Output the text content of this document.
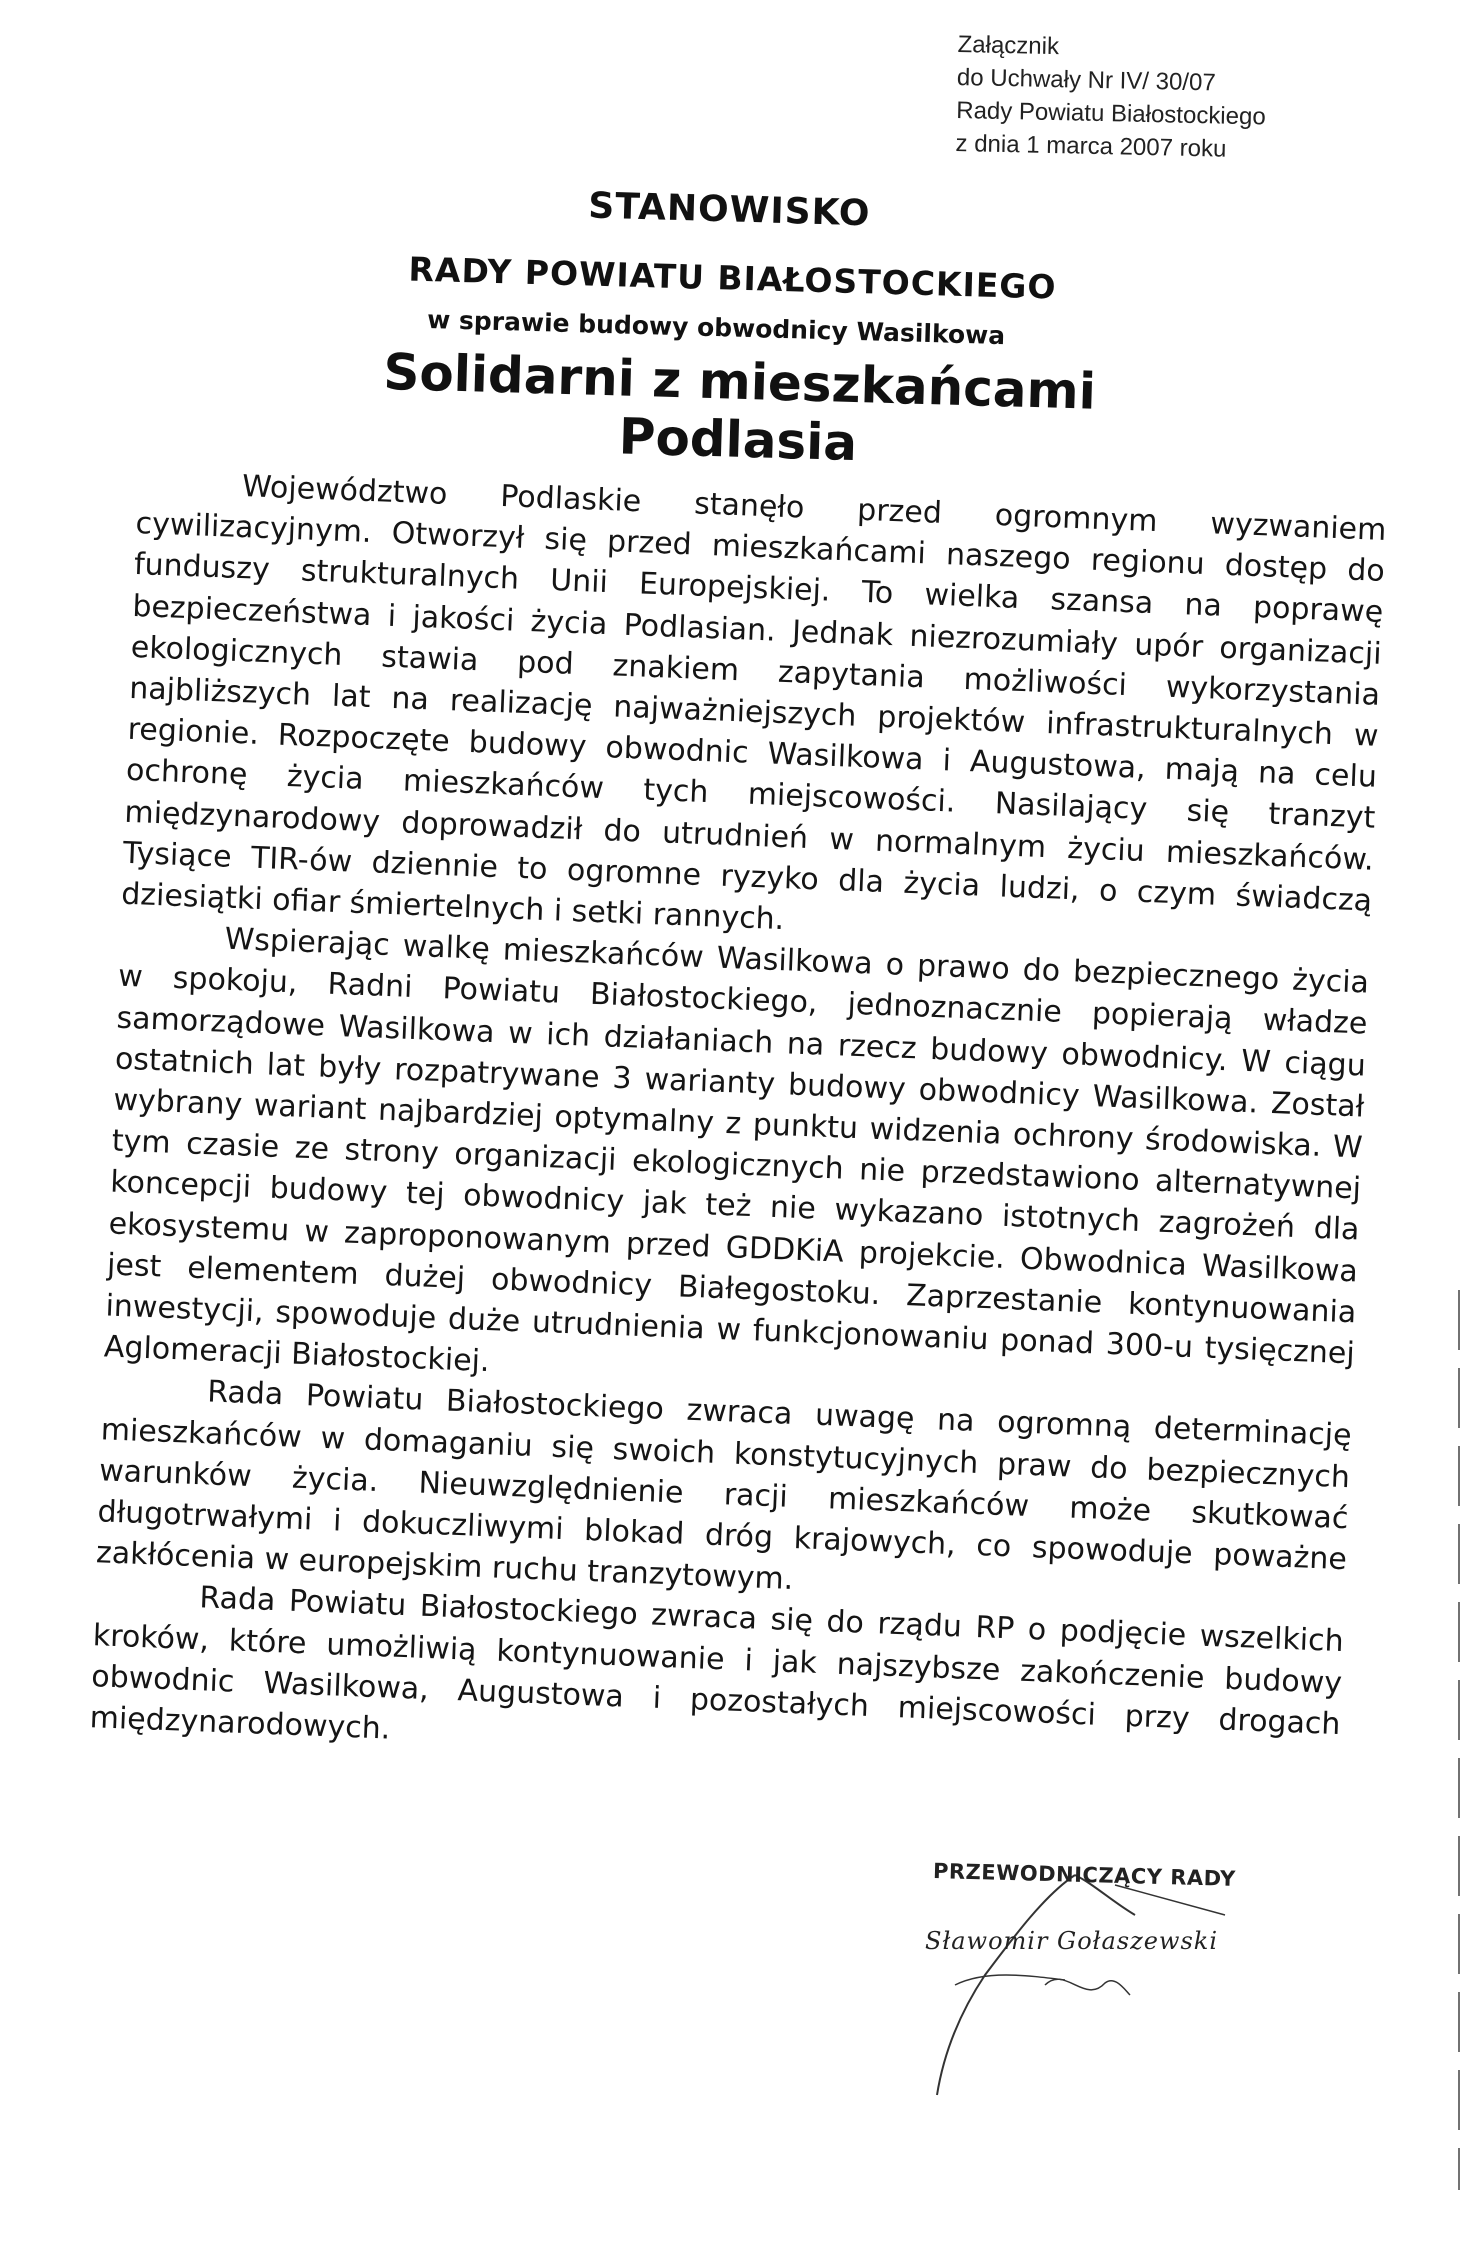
Załącznik
do Uchwały Nr IV/ 30/07
Rady Powiatu Białostockiego
z dnia 1 marca 2007 roku
STANOWISKO
RADY POWIATU BIAŁOSTOCKIEGO
w sprawie budowy obwodnicy Wasilkowa
Solidarni z mieszkańcami Podlasia

Województwo Podlaskie stanęło przed ogromnym wyzwaniem cywilizacyjnym. Otworzył się przed mieszkańcami naszego regionu dostęp do funduszy strukturalnych Unii Europejskiej. To wielka szansa na poprawę bezpieczeństwa i jakości życia Podlasian. Jednak niezrozumiały upór organizacji ekologicznych stawia pod znakiem zapytania możliwości wykorzystania najbliższych lat na realizację najważniejszych projektów infrastrukturalnych w regionie. Rozpoczęte budowy obwodnic Wasilkowa i Augustowa, mają na celu ochronę życia mieszkańców tych miejscowości. Nasilający się tranzyt międzynarodowy doprowadził do utrudnień w normalnym życiu mieszkańców. Tysiące TIR-ów dziennie to ogromne ryzyko dla życia ludzi, o czym świadczą dziesiątki ofiar śmiertelnych i setki rannych.

Wspierając walkę mieszkańców Wasilkowa o prawo do bezpiecznego życia w spokoju, Radni Powiatu Białostockiego, jednoznacznie popierają władze samorządowe Wasilkowa w ich działaniach na rzecz budowy obwodnicy. W ciągu ostatnich lat były rozpatrywane 3 warianty budowy obwodnicy Wasilkowa. Został wybrany wariant najbardziej optymalny z punktu widzenia ochrony środowiska. W tym czasie ze strony organizacji ekologicznych nie przedstawiono alternatywnej koncepcji budowy tej obwodnicy jak też nie wykazano istotnych zagrożeń dla ekosystemu w zaproponowanym przed GDDKiA projekcie. Obwodnica Wasilkowa jest elementem dużej obwodnicy Białegostoku. Zaprzestanie kontynuowania inwestycji, spowoduje duże utrudnienia w funkcjonowaniu ponad 300-u tysięcznej Aglomeracji Białostockiej.

Rada Powiatu Białostockiego zwraca uwagę na ogromną determinację mieszkańców w domaganiu się swoich konstytucyjnych praw do bezpiecznych warunków życia. Nieuwzględnienie racji mieszkańców może skutkować długotrwałymi i dokuczliwymi blokad dróg krajowych, co spowoduje poważne zakłócenia w europejskim ruchu tranzytowym.

Rada Powiatu Białostockiego zwraca się do rządu RP o podjęcie wszelkich kroków, które umożliwią kontynuowanie i jak najszybsze zakończenie budowy obwodnic Wasilkowa, Augustowa i pozostałych miejscowości przy drogach międzynarodowych.

PRZEWODNICZĄCY RADY
Sławomir Gołaszewski
